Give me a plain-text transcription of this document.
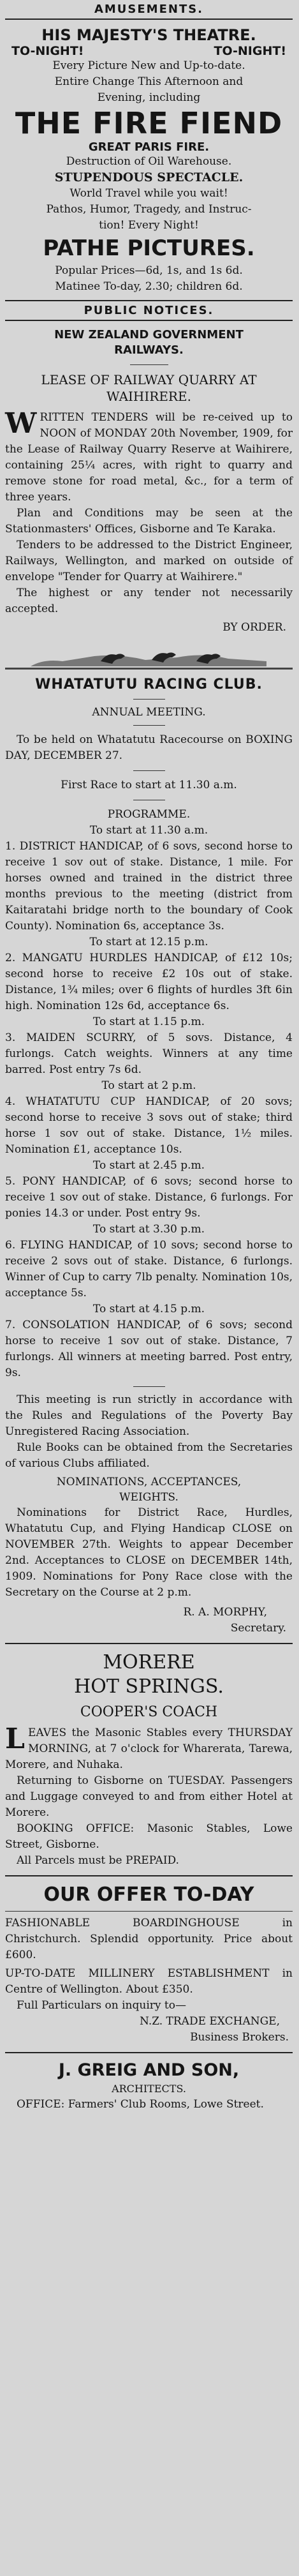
AMUSEMENTS.
HIS MAJESTY'S THEATRE.
TO-NIGHT!	TO-NIGHT!
Every Picture New and Up-to-date.
Entire Change This Afternoon and
Evening, including
THE FIRE FIEND
GREAT PARIS FIRE.
Destruction of Oil Warehouse.
STUPENDOUS SPECTACLE.
World Travel while you wait!
Pathos, Humor, Tragedy, and Instruc-
tion! Every Night!
PATHE PICTURES.
Popular Prices—6d, 1s, and 1s 6d.
Matinee To-day, 2.30; children 6d.
PUBLIC NOTICES.
NEW ZEALAND GOVERNMENT
RAILWAYS.
LEASE OF RAILWAY QUARRY AT
WAIHIRERE.
W RITTEN TENDERS will be re-ceived up to NOON of MONDAY 20th November, 1909, for the Lease of Railway Quarry Reserve at Waihirere, containing 25¼ acres, with right to quarry and remove stone for road metal, &c., for a term of three years.
Plan and Conditions may be seen at the Stationmasters' Offices, Gisborne and Te Karaka.
Tenders to be addressed to the District Engineer, Railways, Wellington, and marked on outside of envelope "Tender for Quarry at Waihirere."
The highest or any tender not necessarily accepted.
BY ORDER.
WHATATUTU RACING CLUB.
ANNUAL MEETING.
To be held on Whatatutu Racecourse on BOXING DAY, DECEMBER 27.
First Race to start at 11.30 a.m.
PROGRAMME.
To start at 11.30 a.m.
1. DISTRICT HANDICAP, of 6 sovs, second horse to receive 1 sov out of stake. Distance, 1 mile. For horses owned and trained in the district three months previous to the meeting (district from Kaitaratahi bridge north to the boundary of Cook County). Nomination 6s, acceptance 3s.
To start at 12.15 p.m.
2. MANGATU HURDLES HANDICAP, of £12 10s; second horse to receive £2 10s out of stake. Distance, 1¾ miles; over 6 flights of hurdles 3ft 6in high. Nomination 12s 6d, acceptance 6s.
To start at 1.15 p.m.
3. MAIDEN SCURRY, of 5 sovs. Distance, 4 furlongs. Catch weights. Winners at any time barred. Post entry 7s 6d.
To start at 2 p.m.
4. WHATATUTU CUP HANDICAP, of 20 sovs; second horse to receive 3 sovs out of stake; third horse 1 sov out of stake. Distance, 1½ miles. Nomination £1, acceptance 10s.
To start at 2.45 p.m.
5. PONY HANDICAP, of 6 sovs; second horse to receive 1 sov out of stake. Distance, 6 furlongs. For ponies 14.3 or under. Post entry 9s.
To start at 3.30 p.m.
6. FLYING HANDICAP, of 10 sovs; second horse to receive 2 sovs out of stake. Distance, 6 furlongs. Winner of Cup to carry 7lb penalty. Nomination 10s, acceptance 5s.
To start at 4.15 p.m.
7. CONSOLATION HANDICAP, of 6 sovs; second horse to receive 1 sov out of stake. Distance, 7 furlongs. All winners at meeting barred. Post entry, 9s.
This meeting is run strictly in accordance with the Rules and Regulations of the Poverty Bay Unregistered Racing Association.
Rule Books can be obtained from the Secretaries of various Clubs affiliated.
NOMINATIONS, ACCEPTANCES,
WEIGHTS.
Nominations for District Race, Hurdles, Whatatutu Cup, and Flying Handicap CLOSE on NOVEMBER 27th. Weights to appear December 2nd. Acceptances to CLOSE on DECEMBER 14th, 1909. Nominations for Pony Race close with the Secretary on the Course at 2 p.m.
R. A. MORPHY,
Secretary.
MORERE
HOT SPRINGS.
COOPER'S COACH
L EAVES the Masonic Stables every THURSDAY MORNING, at 7 o'clock for Wharerata, Tarewa, Morere, and Nuhaka.
Returning to Gisborne on TUESDAY. Passengers and Luggage conveyed to and from either Hotel at Morere.
BOOKING OFFICE: Masonic Stables, Lowe Street, Gisborne.
All Parcels must be PREPAID.
OUR OFFER TO-DAY
FASHIONABLE BOARDINGHOUSE in Christchurch. Splendid opportunity. Price about £600.
UP-TO-DATE MILLINERY ESTABLISHMENT in Centre of Wellington. About £350.
Full Particulars on inquiry to—
N.Z. TRADE EXCHANGE,
Business Brokers.
J. GREIG AND SON,
ARCHITECTS.
OFFICE: Farmers' Club Rooms, Lowe Street.
